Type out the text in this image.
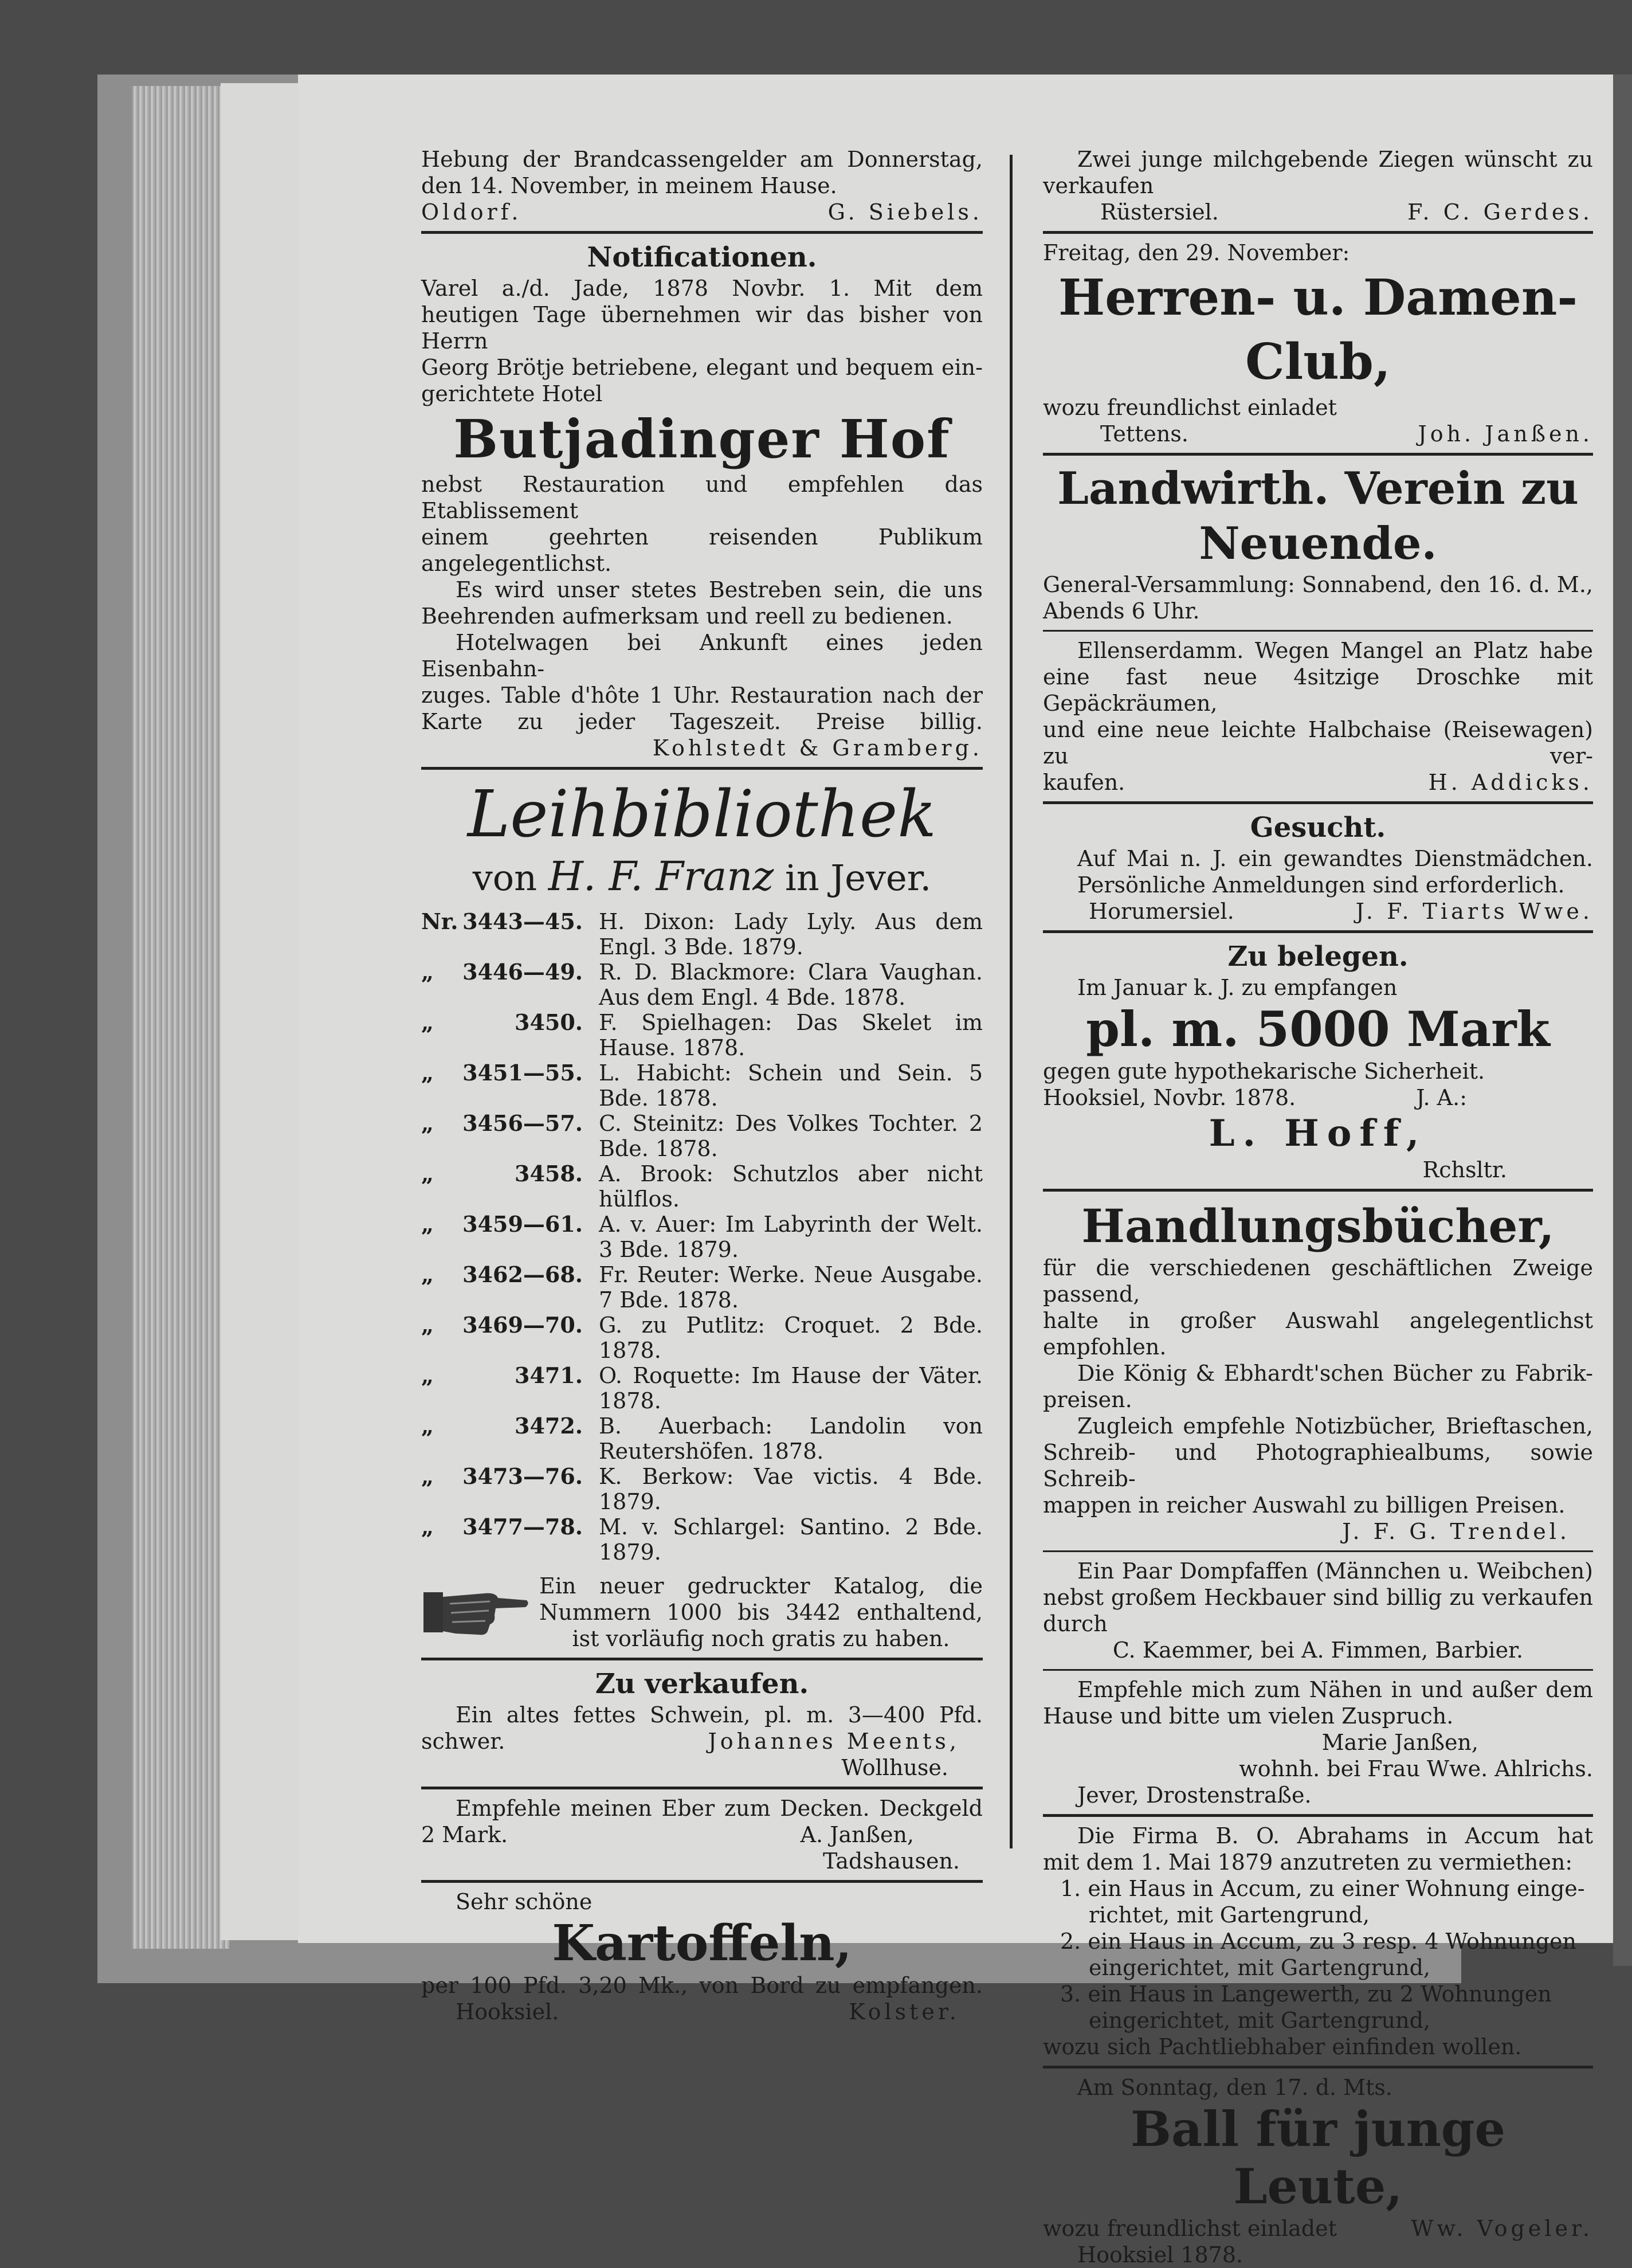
Hebung der Brandcassengelder am Donnerstag,

den 14. November, in meinem Hause.

Oldorf.	G. Siebels.

Notificationen.

Varel a./d. Jade, 1878 Novbr. 1. Mit dem

heutigen Tage übernehmen wir das bisher von Herrn

Georg Brötje betriebene, elegant und bequem ein-

gerichtete Hotel

Butjadinger Hof

nebst Restauration und empfehlen das Etablissement

einem geehrten reisenden Publikum angelegentlichst.

Es wird unser stetes Bestreben sein, die uns

Beehrenden aufmerksam und reell zu bedienen.

Hotelwagen bei Ankunft eines jeden Eisenbahn-

zuges. Table d'hôte 1 Uhr. Restauration nach der

Karte zu jeder Tageszeit. Preise billig.

Kohlstedt & Gramberg.

Leihbibliothek

von H. F. Franz in Jever.

Nr. 3443—45. H. Dixon: Lady Lyly. Aus dem Engl. 3 Bde. 1879.
„ 3446—49. R. D. Blackmore: Clara Vaughan. Aus dem Engl. 4 Bde. 1878.
„	3450. F. Spielhagen: Das Skelet im Hause. 1878.
„ 3451—55. L. Habicht: Schein und Sein. 5 Bde. 1878.
„ 3456—57. C. Steinitz: Des Volkes Tochter. 2 Bde. 1878.
„	3458. A. Brook: Schutzlos aber nicht hülflos.
„ 3459—61. A. v. Auer: Im Labyrinth der Welt. 3 Bde. 1879.
„ 3462—68. Fr. Reuter: Werke. Neue Ausgabe. 7 Bde. 1878.
„ 3469—70. G. zu Putlitz: Croquet. 2 Bde. 1878.
„	3471. O. Roquette: Im Hause der Väter. 1878.
„	3472. B. Auerbach: Landolin von Reutershöfen. 1878.
„ 3473—76. K. Berkow: Vae victis. 4 Bde. 1879.
„ 3477—78. M. v. Schlargel: Santino. 2 Bde. 1879.

Ein neuer gedruckter Katalog, die

Nummern 1000 bis 3442 enthaltend,

ist vorläufig noch gratis zu haben.

Zu verkaufen.

Ein altes fettes Schwein, pl. m. 3—400 Pfd.

schwer.	Johannes Meents,

Wollhuse.

Empfehle meinen Eber zum Decken. Deckgeld

2 Mark.	A. Janßen,

Tadshausen.

Sehr schöne

Kartoffeln,

per 100 Pfd. 3,20 Mk., von Bord zu empfangen.

Hooksiel.	Kolster.

Zwei junge milchgebende Ziegen wünscht zu

verkaufen

Rüstersiel.	F. C. Gerdes.

Freitag, den 29. November:

Herren- u. Damen-Club,

wozu freundlichst einladet

Tettens.	Joh. Janßen.

Landwirth. Verein zu

Neuende.

General-Versammlung: Sonnabend, den 16. d. M.,

Abends 6 Uhr.

Ellenserdamm. Wegen Mangel an Platz habe

eine fast neue 4sitzige Droschke mit Gepäckräumen,

und eine neue leichte Halbchaise (Reisewagen) zu ver-

kaufen.	H. Addicks.

Gesucht.

Auf Mai n. J. ein gewandtes Dienstmädchen.

Persönliche Anmeldungen sind erforderlich.

Horumersiel.	J. F. Tiarts Wwe.

Zu belegen.

Im Januar k. J. zu empfangen

pl. m. 5000 Mark

gegen gute hypothekarische Sicherheit.

Hooksiel, Novbr. 1878.	J. A.:

L. Hoff,

Rchsltr.

Handlungsbücher,

für die verschiedenen geschäftlichen Zweige passend,

halte in großer Auswahl angelegentlichst empfohlen.

Die König & Ebhardt'schen Bücher zu Fabrik-

preisen.

Zugleich empfehle Notizbücher, Brieftaschen,

Schreib- und Photographiealbums, sowie Schreib-

mappen in reicher Auswahl zu billigen Preisen.

J. F. G. Trendel.

Ein Paar Dompfaffen (Männchen u. Weibchen)

nebst großem Heckbauer sind billig zu verkaufen durch

C. Kaemmer, bei A. Fimmen, Barbier.

Empfehle mich zum Nähen in und außer dem

Hause und bitte um vielen Zuspruch.

Marie Janßen,

wohnh. bei Frau Wwe. Ahlrichs.

Jever, Drostenstraße.

Die Firma B. O. Abrahams in Accum hat

mit dem 1. Mai 1879 anzutreten zu vermiethen:

1. ein Haus in Accum, zu einer Wohnung einge- richtet, mit Gartengrund,

2. ein Haus in Accum, zu 3 resp. 4 Wohnungen eingerichtet, mit Gartengrund,

3. ein Haus in Langewerth, zu 2 Wohnungen eingerichtet, mit Gartengrund,

wozu sich Pachtliebhaber einfinden wollen.

Am Sonntag, den 17. d. Mts.

Ball für junge Leute,

wozu freundlichst einladet	Ww. Vogeler.

Hooksiel 1878.
